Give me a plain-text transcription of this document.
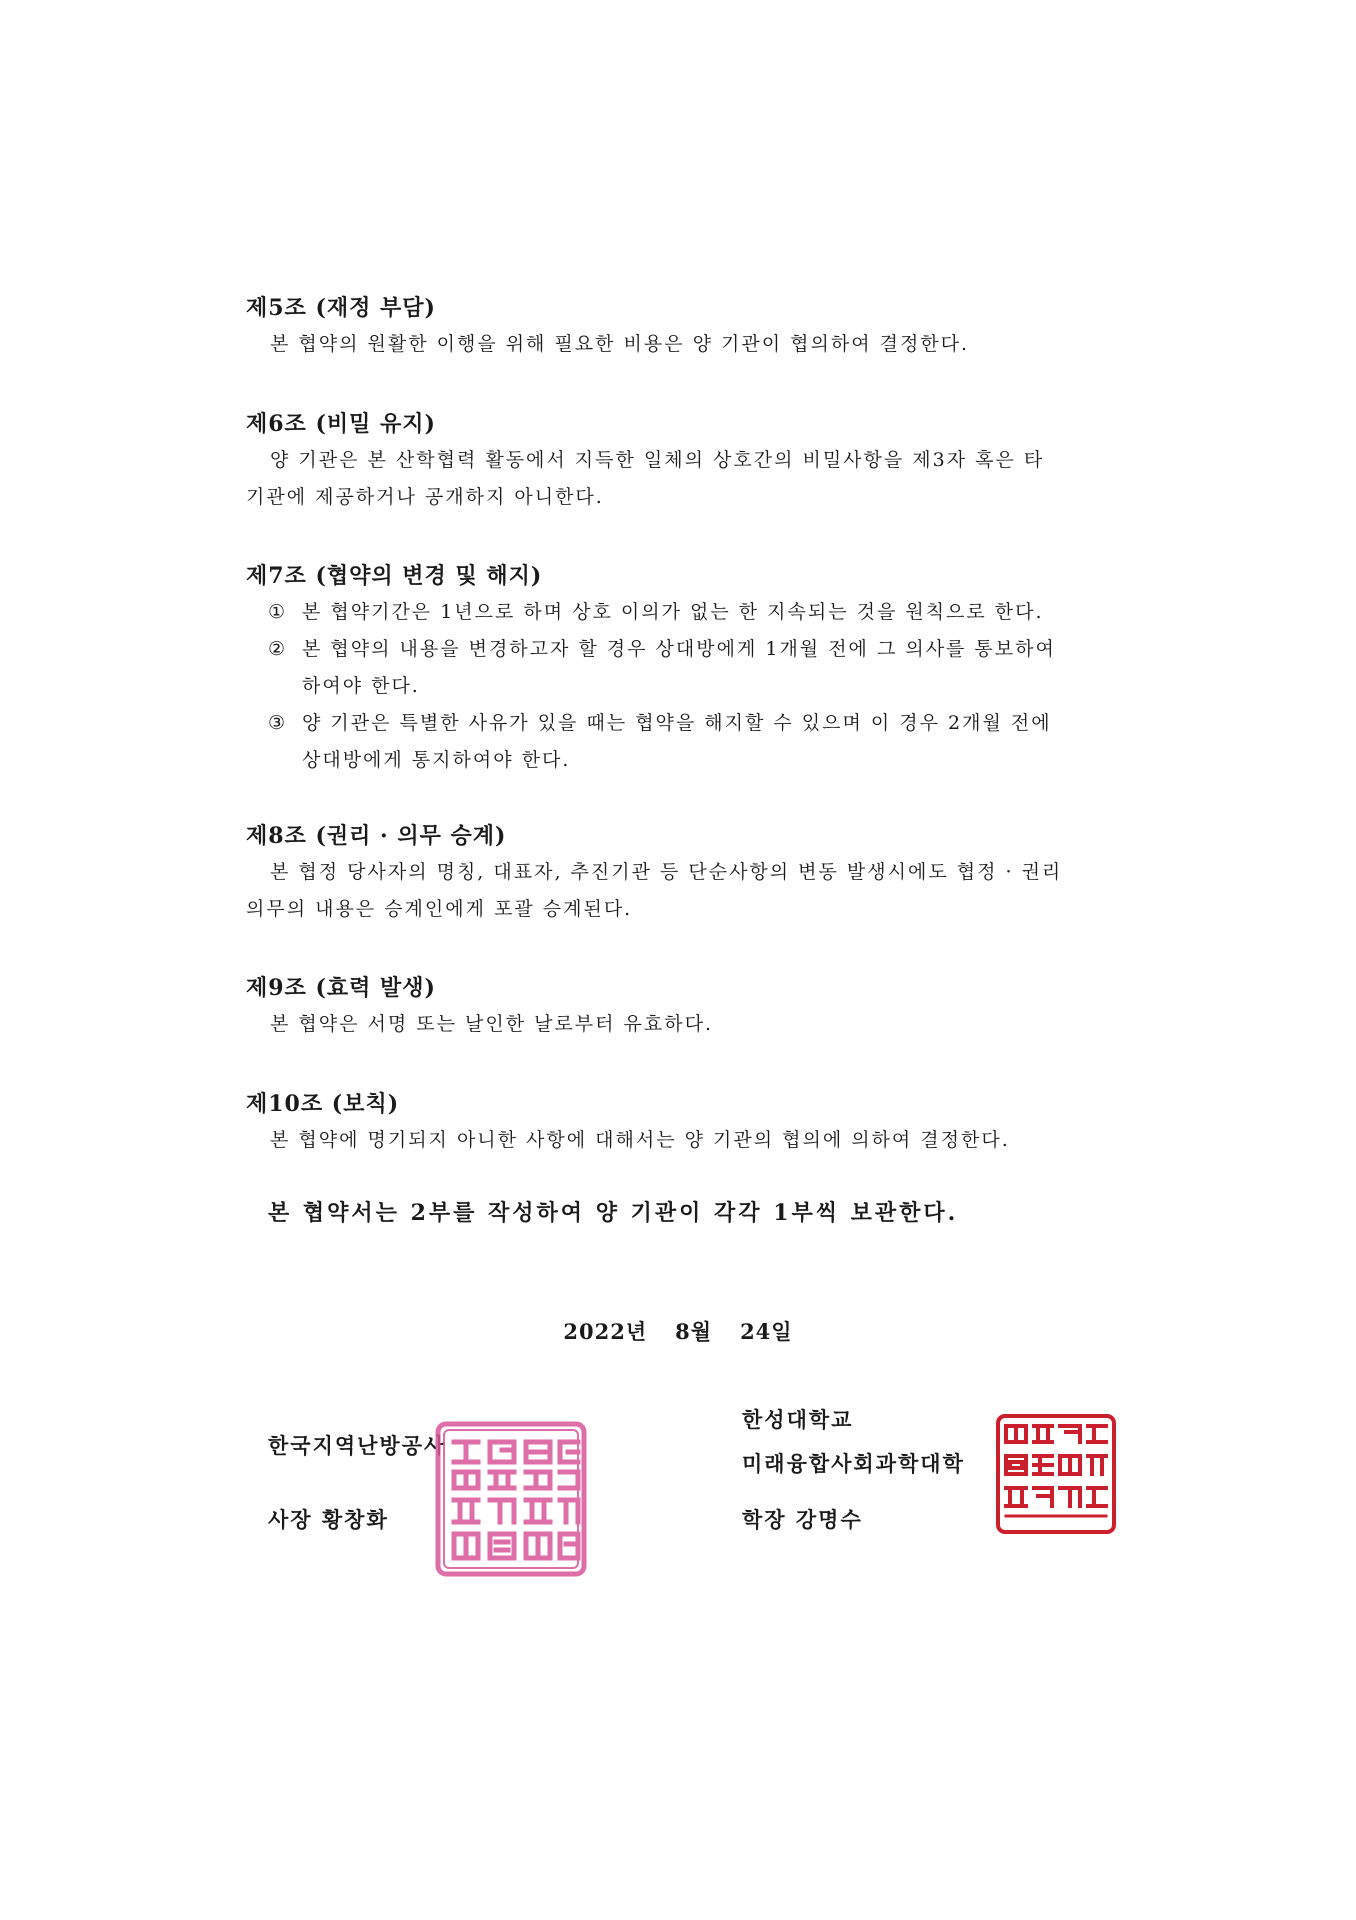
제5조 (재정 부담)

본 협약의 원활한 이행을 위해 필요한 비용은 양 기관이 협의하여 결정한다.

제6조 (비밀 유지)

양 기관은 본 산학협력 활동에서 지득한 일체의 상호간의 비밀사항을 제3자 혹은 타

기관에 제공하거나 공개하지 아니한다.

제7조 (협약의 변경 및 해지)

① 본 협약기간은 1년으로 하며 상호 이의가 없는 한 지속되는 것을 원칙으로 한다.
② 본 협약의 내용을 변경하고자 할 경우 상대방에게 1개월 전에 그 의사를 통보하여

하여야 한다.

③ 양 기관은 특별한 사유가 있을 때는 협약을 해지할 수 있으며 이 경우 2개월 전에

상대방에게 통지하여야 한다.

제8조 (권리 · 의무 승계)

본 협정 당사자의 명칭, 대표자, 추진기관 등 단순사항의 변동 발생시에도 협정 · 권리

의무의 내용은 승계인에게 포괄 승계된다.

제9조 (효력 발생)

본 협약은 서명 또는 날인한 날로부터 유효하다.

제10조 (보칙)

본 협약에 명기되지 아니한 사항에 대해서는 양 기관의 협의에 의하여 결정한다.

본 협약서는 2부를 작성하여 양 기관이 각각 1부씩 보관한다.
2022년 8월 24일
한국지역난방공사
사장 황창화
한성대학교
미래융합사회과학대학
학장 강명수
